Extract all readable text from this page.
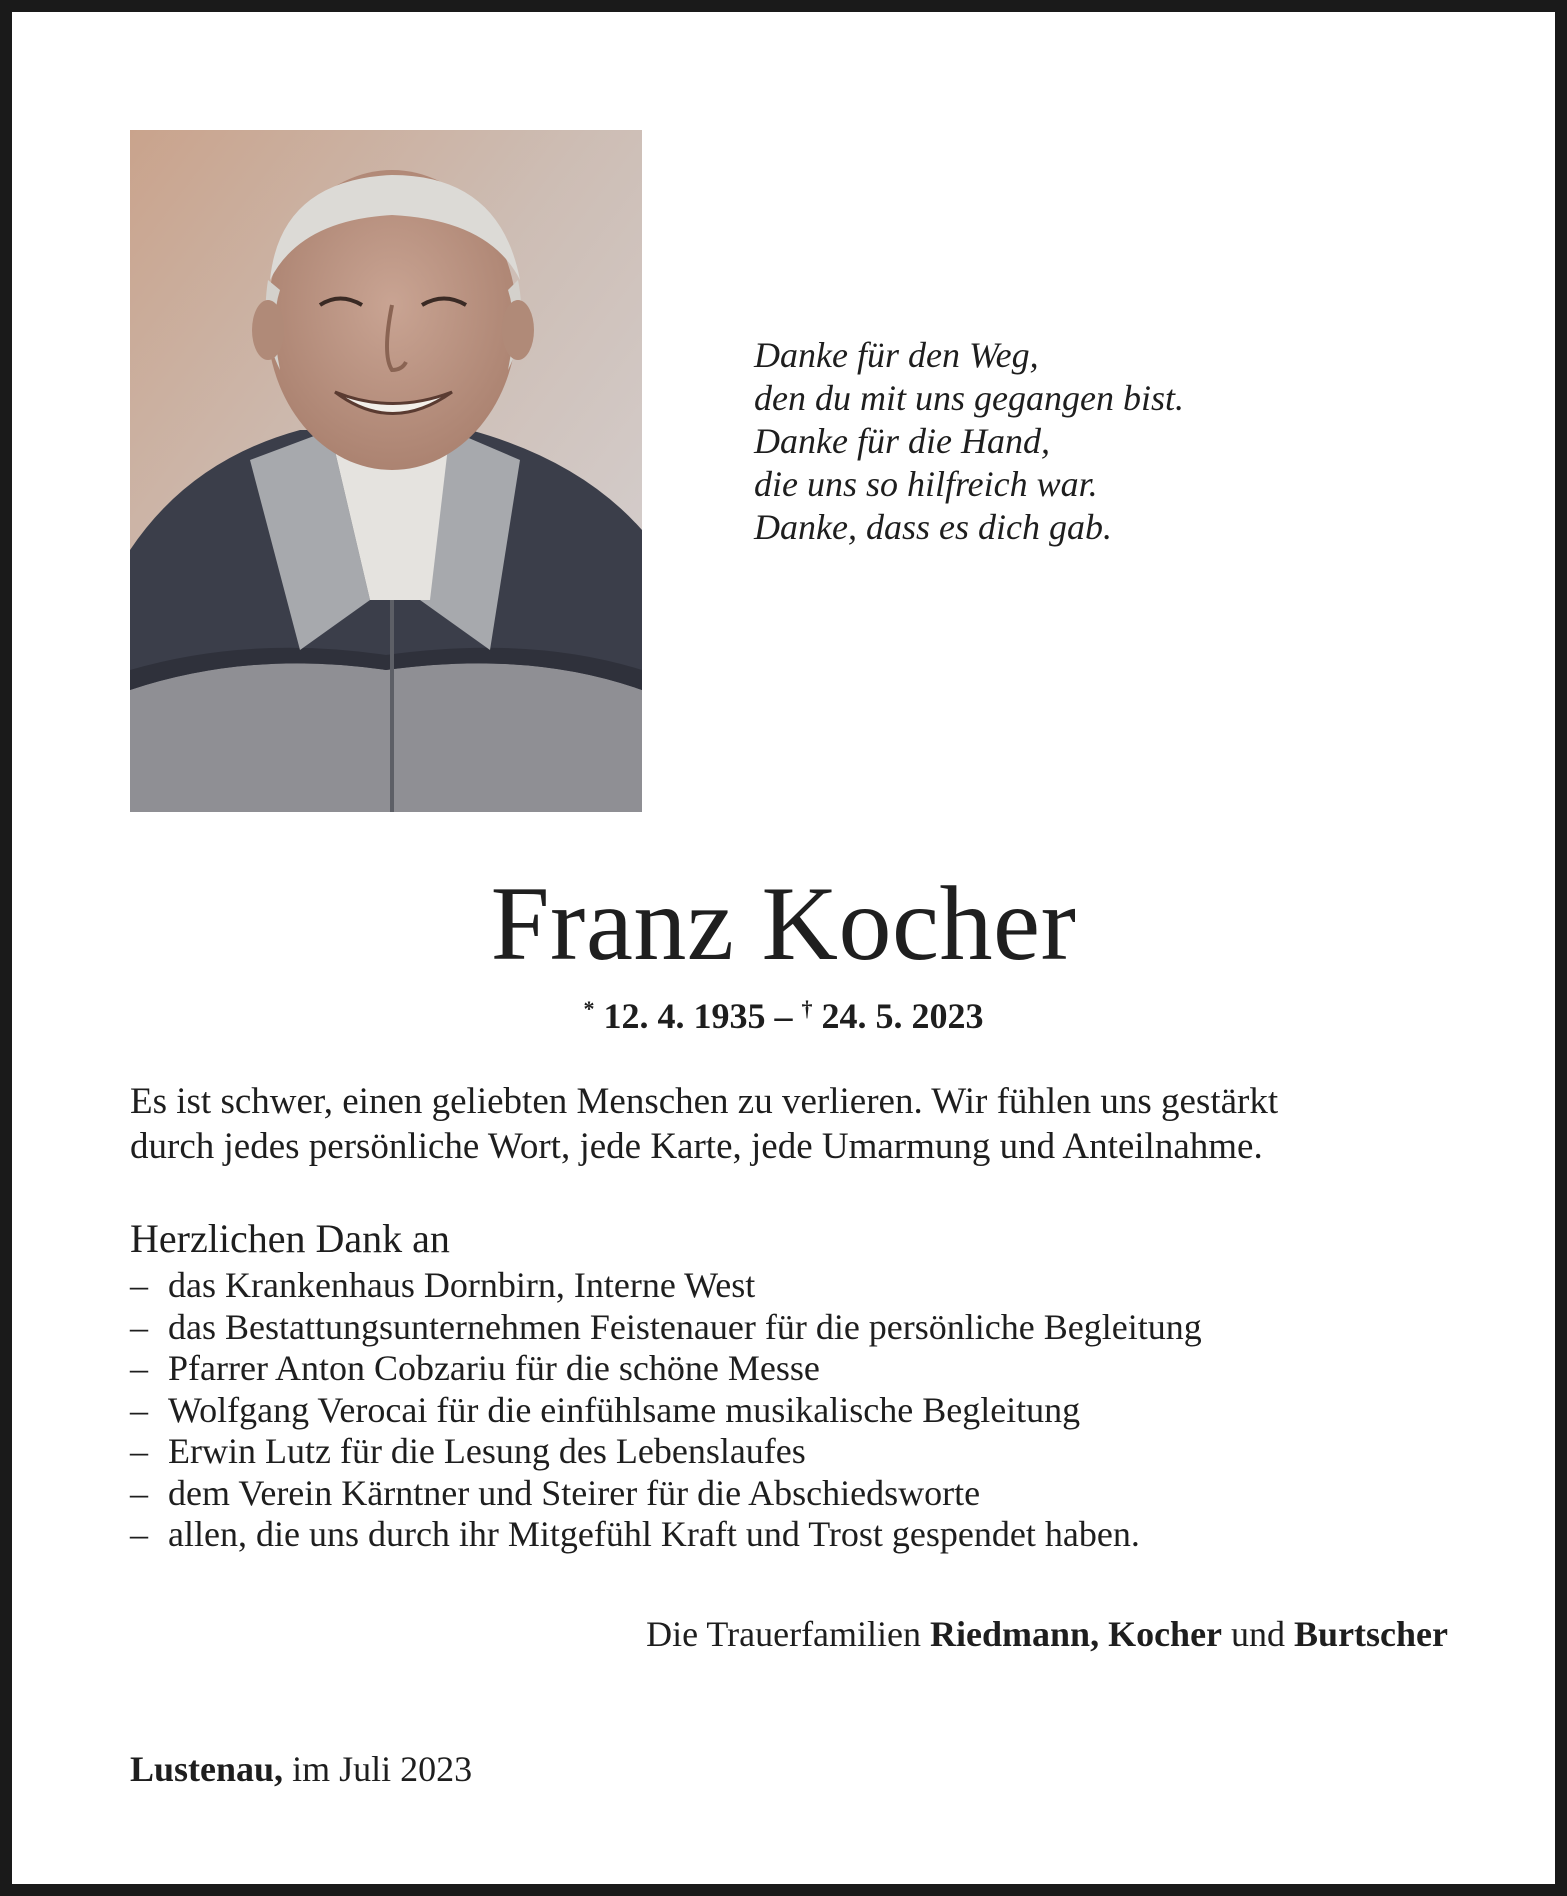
Danke für den Weg,
den du mit uns gegangen bist.
Danke für die Hand,
die uns so hilfreich war.
Danke, dass es dich gab.
Franz Kocher
* 12. 4. 1935 – † 24. 5. 2023
Es ist schwer, einen geliebten Menschen zu verlieren. Wir fühlen uns gestärkt
durch jedes persönliche Wort, jede Karte, jede Umarmung und Anteilnahme.
Herzlichen Dank an
– das Krankenhaus Dornbirn, Interne West
– das Bestattungsunternehmen Feistenauer für die persönliche Begleitung
– Pfarrer Anton Cobzariu für die schöne Messe
– Wolfgang Verocai für die einfühlsame musikalische Begleitung
– Erwin Lutz für die Lesung des Lebenslaufes
– dem Verein Kärntner und Steirer für die Abschiedsworte
– allen, die uns durch ihr Mitgefühl Kraft und Trost gespendet haben.
Die Trauerfamilien Riedmann, Kocher und Burtscher
Lustenau, im Juli 2023
